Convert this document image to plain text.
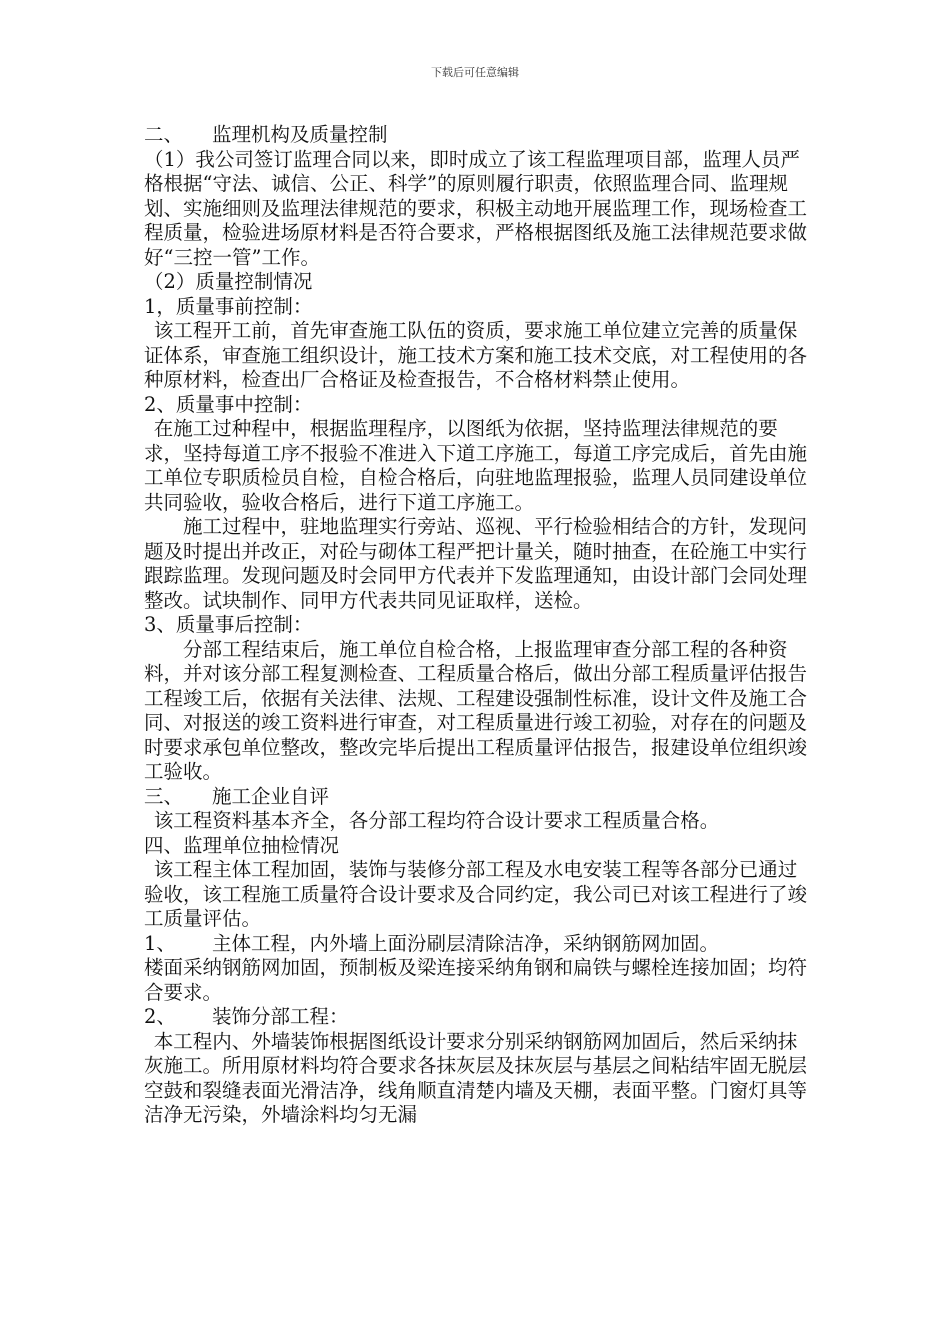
下载后可任意编辑

二、 监理机构及质量控制

（1）我公司签订监理合同以来，即时成立了该工程监理项目部，监理人员严格根据“守法、诚信、公正、科学”的原则履行职责，依照监理合同、监理规划、实施细则及监理法律规范的要求，积极主动地开展监理工作，现场检查工程质量，检验进场原材料是否符合要求，严格根据图纸及施工法律规范要求做好“三控一管”工作。

（2）质量控制情况

1，质量事前控制：

该工程开工前，首先审查施工队伍的资质，要求施工单位建立完善的质量保证体系，审查施工组织设计，施工技术方案和施工技术交底，对工程使用的各种原材料，检查出厂合格证及检查报告，不合格材料禁止使用。

2、质量事中控制：

在施工过种程中，根据监理程序，以图纸为依据，坚持监理法律规范的要求，坚持每道工序不报验不准进入下道工序施工，每道工序完成后，首先由施工单位专职质检员自检，自检合格后，向驻地监理报验，监理人员同建设单位共同验收，验收合格后，进行下道工序施工。

施工过程中，驻地监理实行旁站、巡视、平行检验相结合的方针，发现问题及时提出并改正，对砼与砌体工程严把计量关，随时抽查，在砼施工中实行跟踪监理。发现问题及时会同甲方代表并下发监理通知，由设计部门会同处理整改。试块制作、同甲方代表共同见证取样，送检。

3、质量事后控制：

分部工程结束后，施工单位自检合格，上报监理审查分部工程的各种资料，并对该分部工程复测检查、工程质量合格后，做出分部工程质量评估报告工程竣工后，依据有关法律、法规、工程建设强制性标准，设计文件及施工合同、对报送的竣工资料进行审查，对工程质量进行竣工初验，对存在的问题及时要求承包单位整改，整改完毕后提出工程质量评估报告，报建设单位组织竣工验收。

三、 施工企业自评

该工程资料基本齐全，各分部工程均符合设计要求工程质量合格。

四、监理单位抽检情况

该工程主体工程加固，装饰与装修分部工程及水电安装工程等各部分已通过验收，该工程施工质量符合设计要求及合同约定，我公司已对该工程进行了竣工质量评估。

1、 主体工程，内外墙上面汾刷层清除洁净，采纳钢筋网加固。

楼面采纳钢筋网加固，预制板及梁连接采纳角钢和扁铁与螺栓连接加固；均符合要求。

2、 装饰分部工程：

本工程内、外墙装饰根据图纸设计要求分别采纳钢筋网加固后，然后采纳抹灰施工。所用原材料均符合要求各抹灰层及抹灰层与基层之间粘结牢固无脱层空鼓和裂缝表面光滑洁净，线角顺直清楚内墙及天棚，表面平整。门窗灯具等洁净无污染，外墙涂料均匀无漏
